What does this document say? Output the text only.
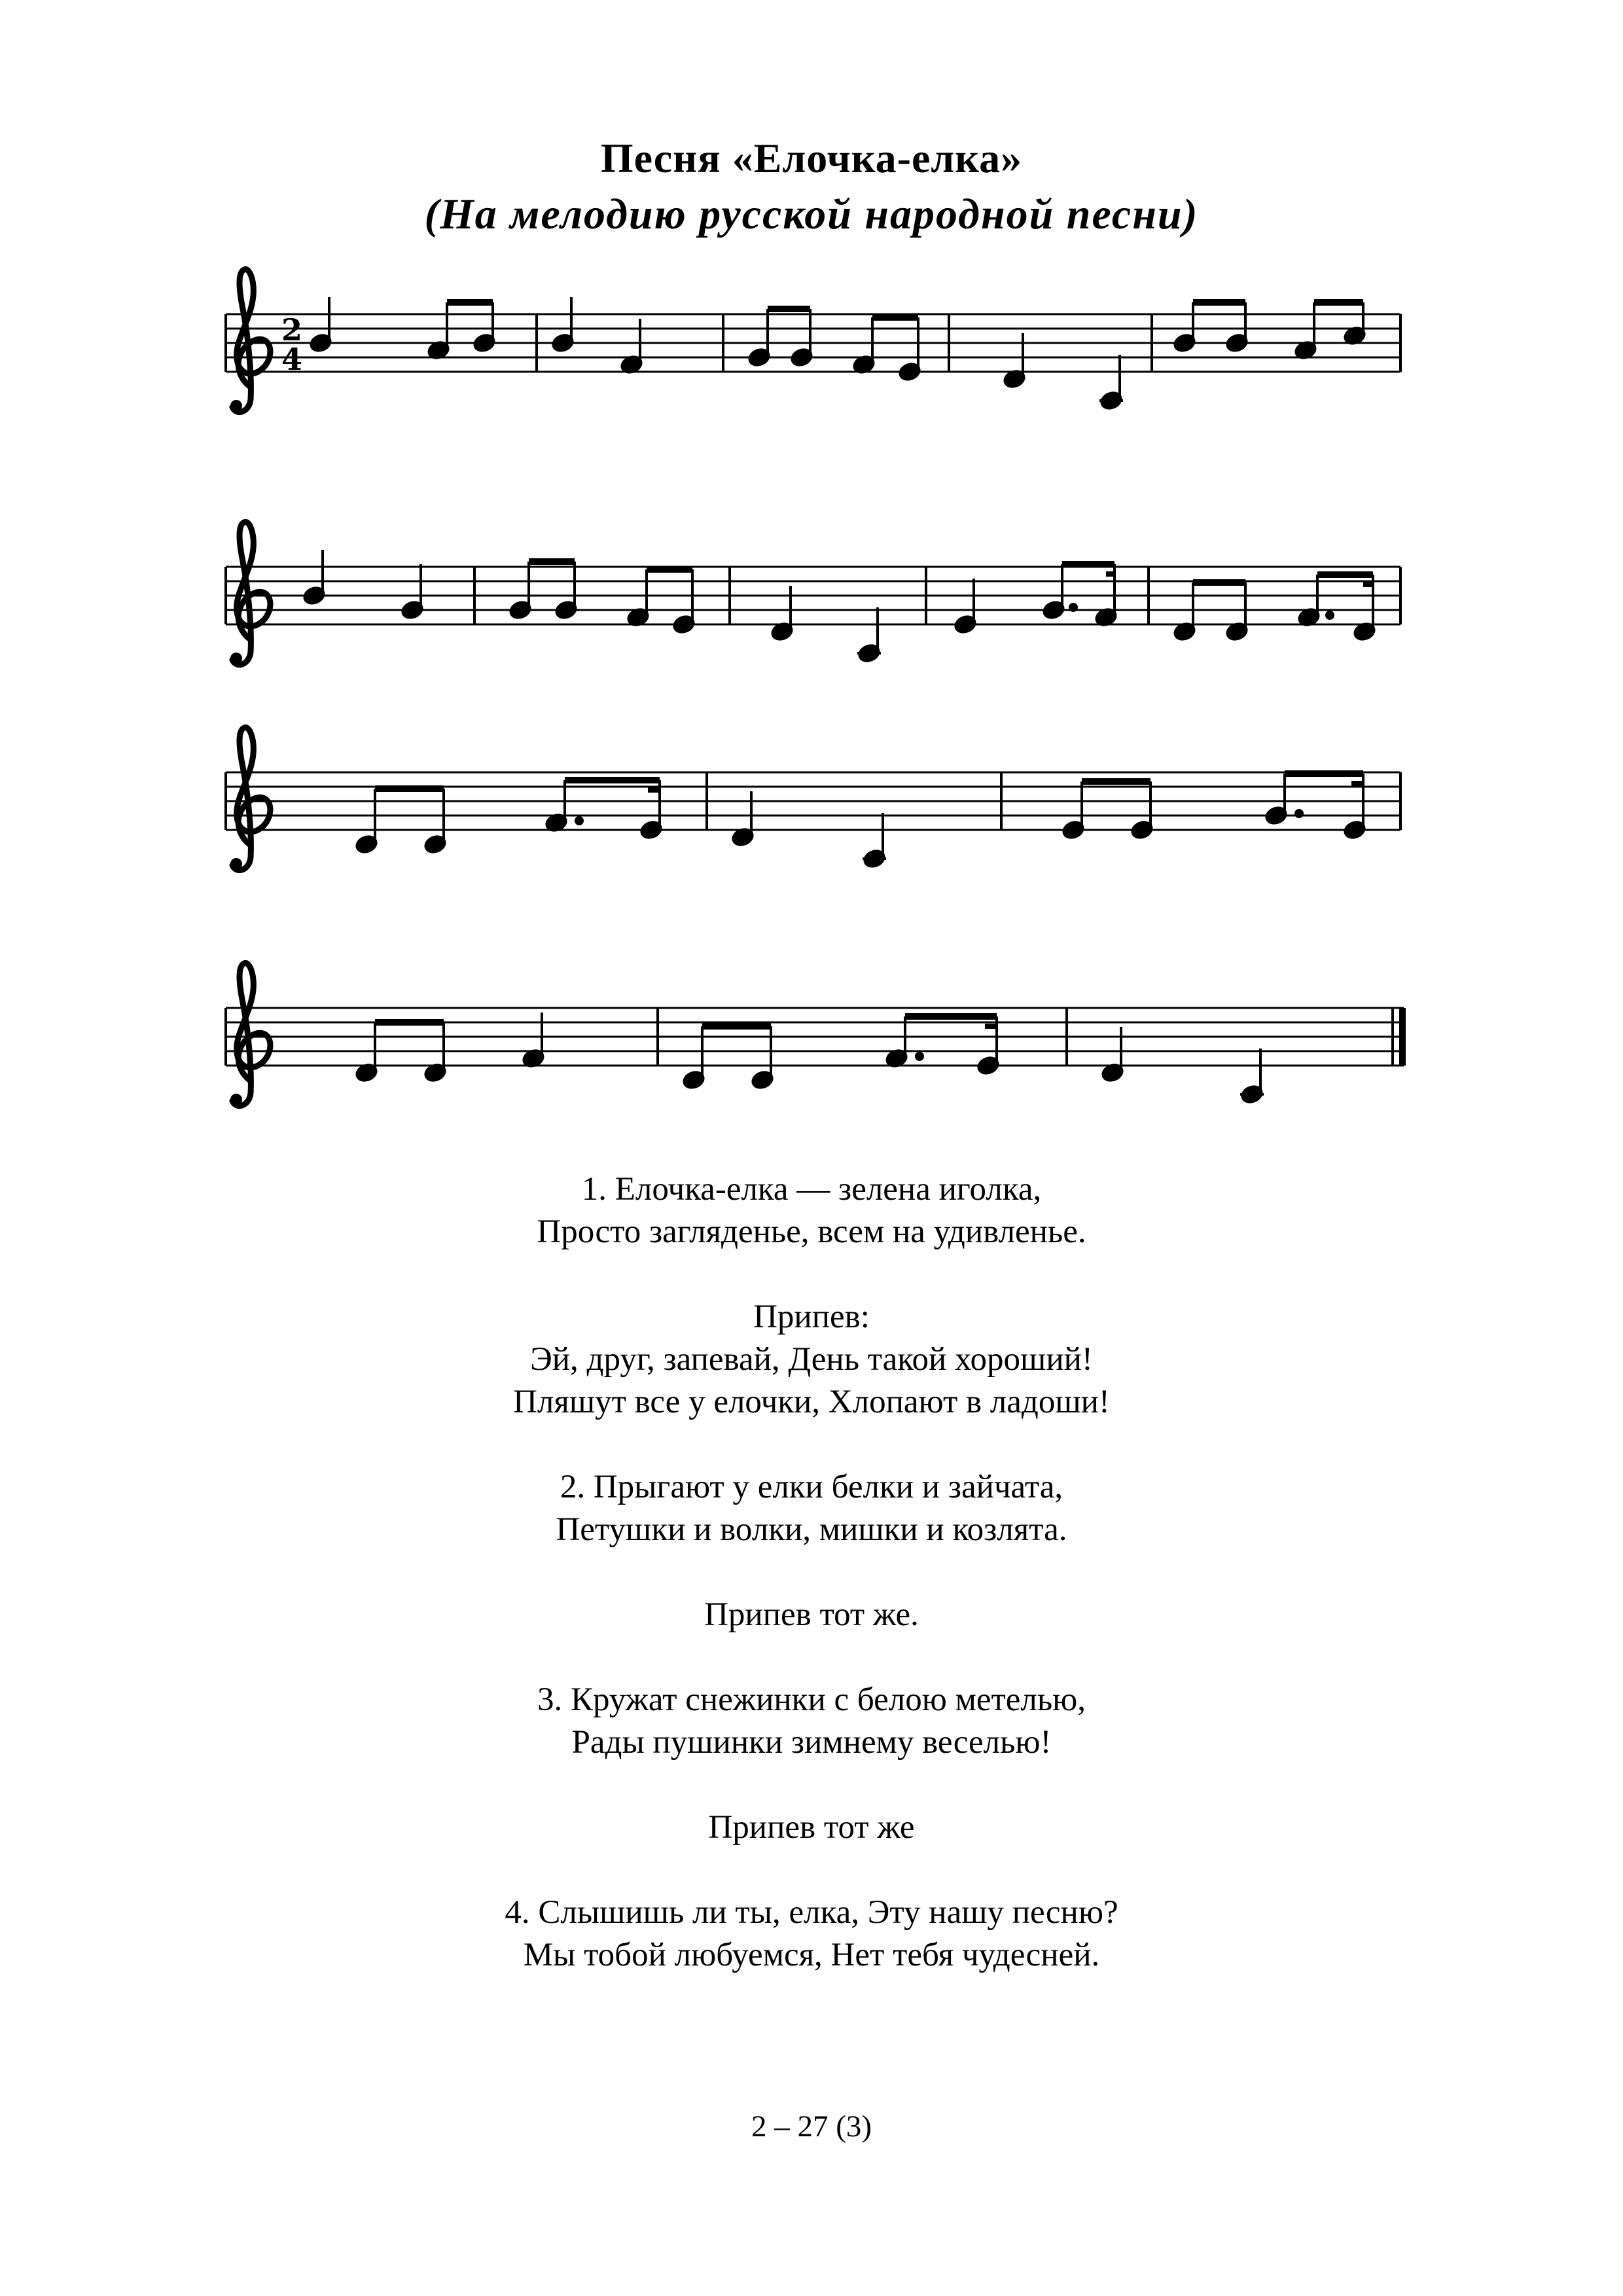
Песня «Елочка-елка»
(На мелодию русской народной песни)
2
4
1. Елочка-елка — зелена иголка,
Просто загляденье, всем на удивленье.
Припев:
Эй, друг, запевай, День такой хороший!
Пляшут все у елочки, Хлопают в ладоши!
2. Прыгают у елки белки и зайчата,
Петушки и волки, мишки и козлята.
Припев тот же.
3. Кружат снежинки с белою метелью,
Рады пушинки зимнему веселью!
Припев тот же
4. Слышишь ли ты, елка, Эту нашу песню?
Мы тобой любуемся, Нет тебя чудесней.
2 – 27 (3)
